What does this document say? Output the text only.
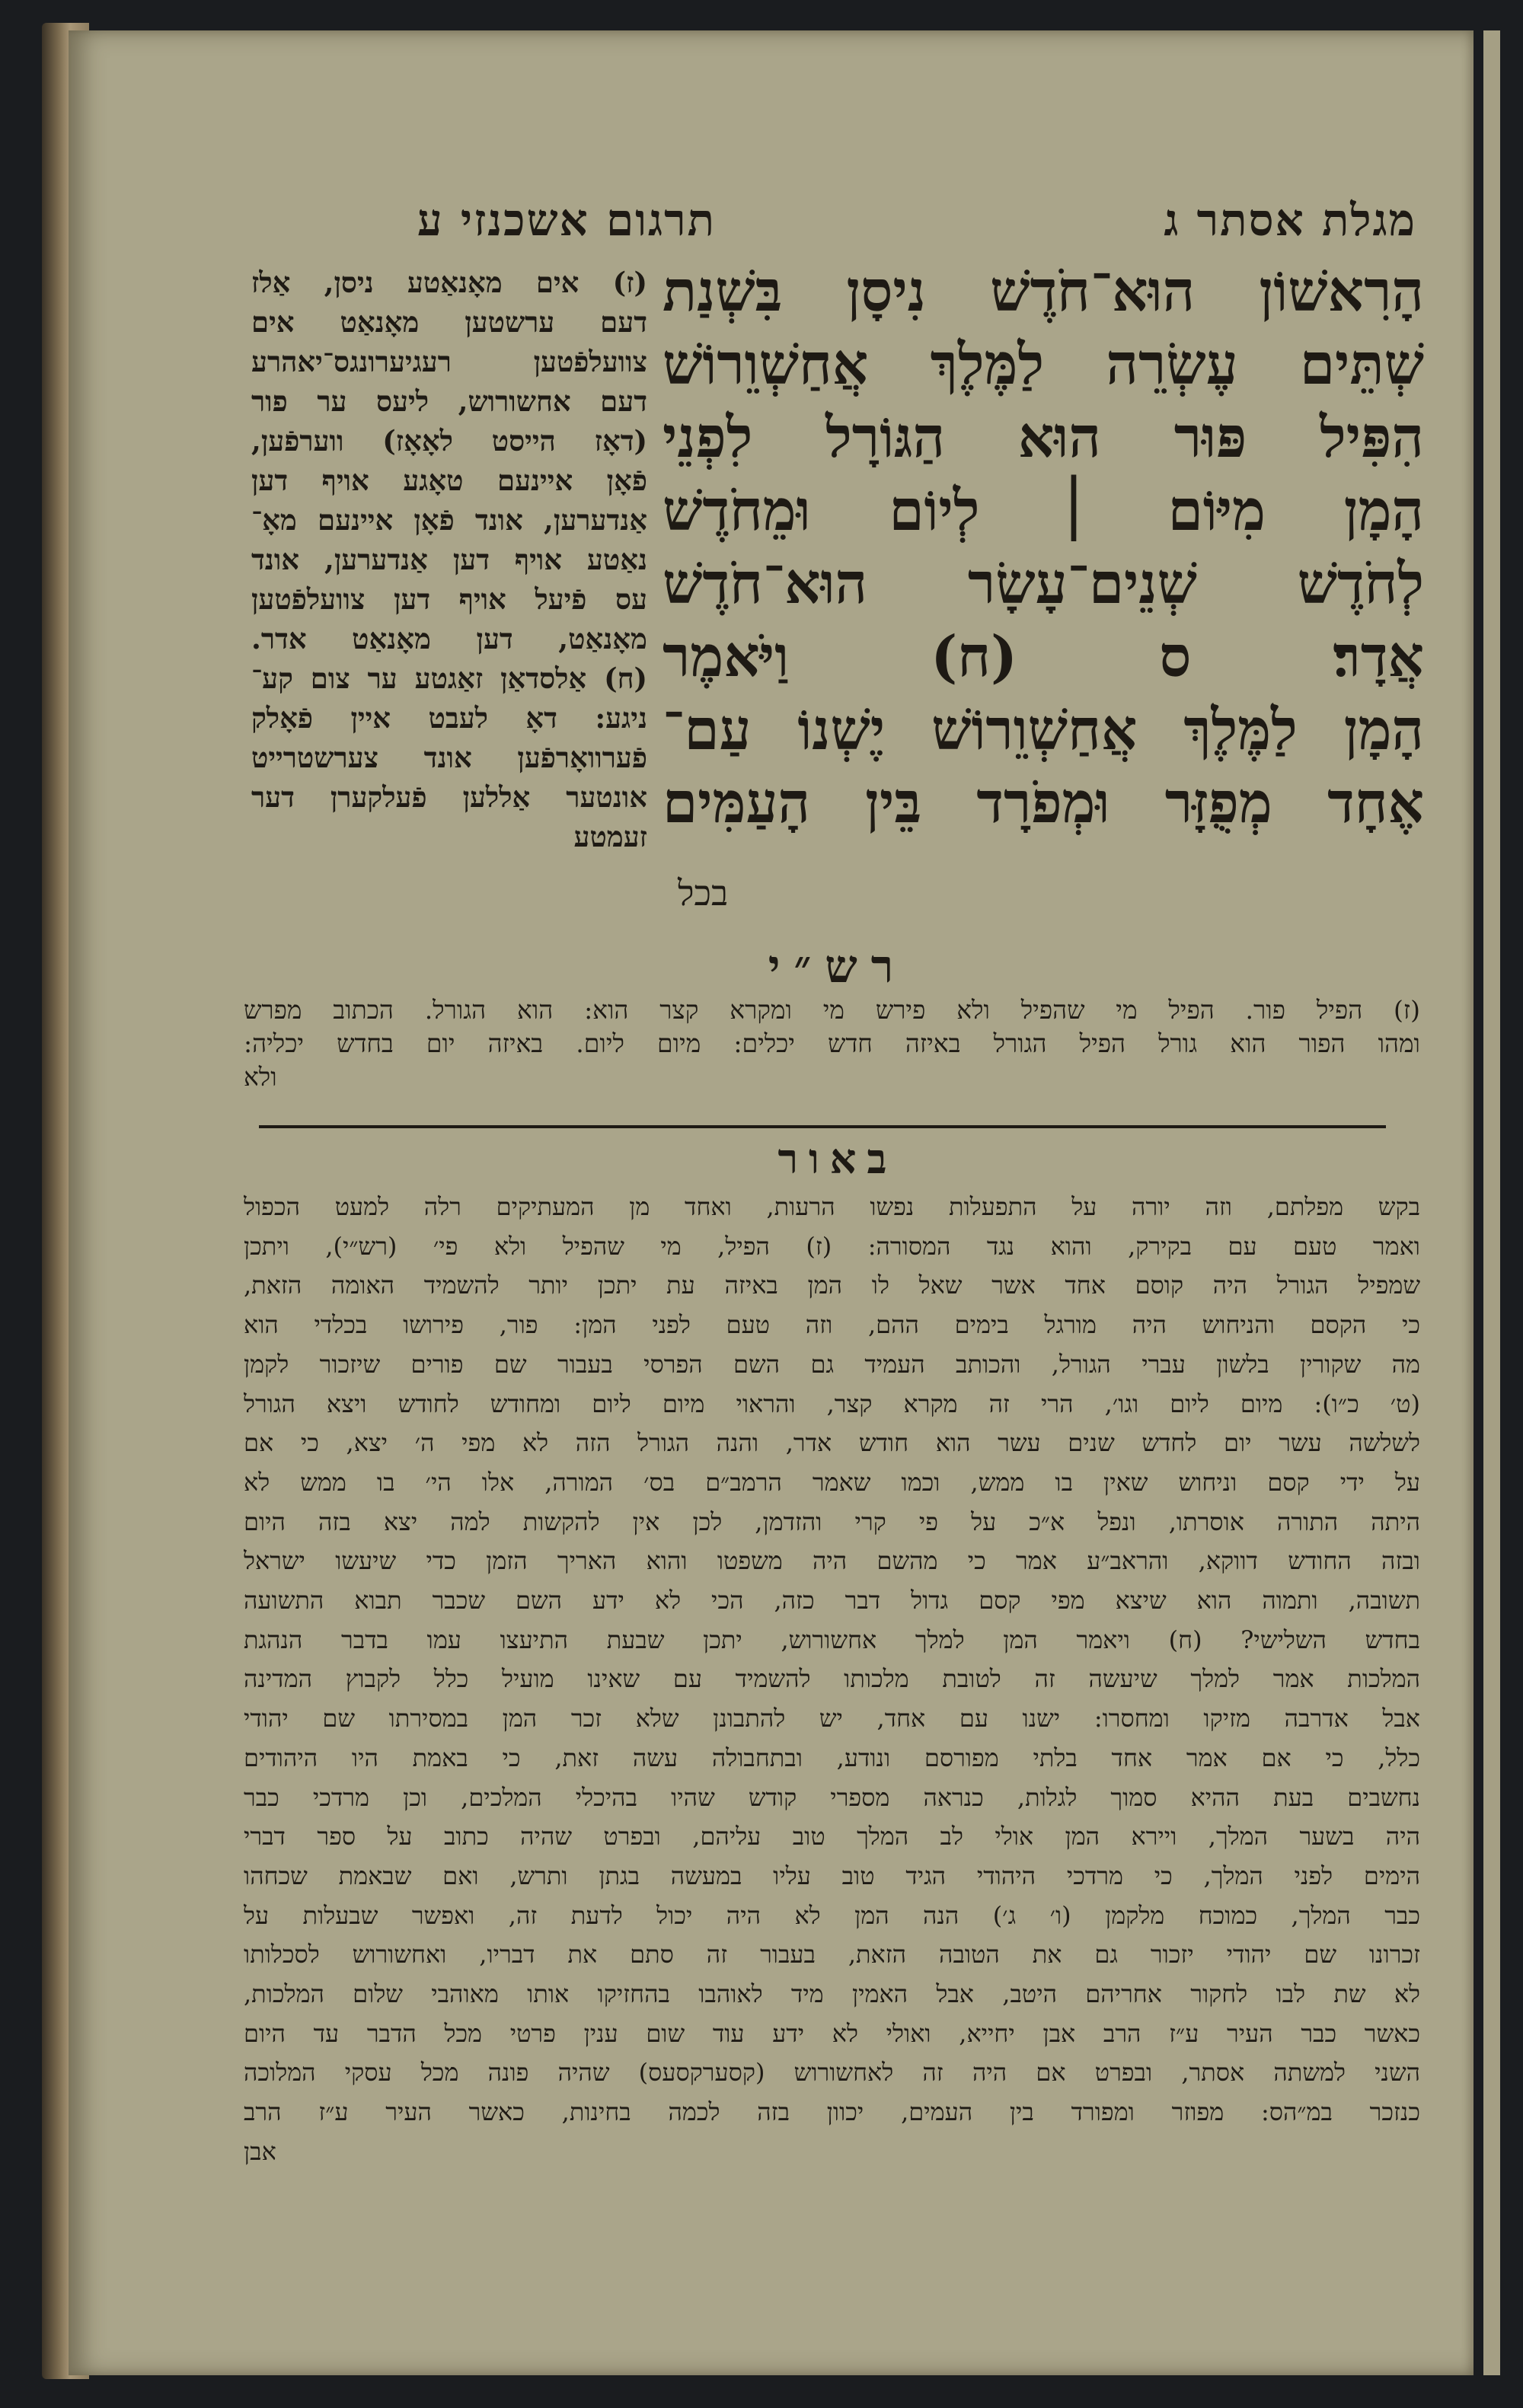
מגלת אסתר ג
תרגום אשכנזי ע
הָרִאשׁוֹן הוּא־חֹדֶשׁ נִיסָן בִּשְׁנַת
שְׁתֵּים עֶשְׂרֵה לַמֶּלֶךְ אֲחַשְׁוֵרוֹשׁ
הִפִּיל פּוּר הוּא הַגּוֹרָל לִפְנֵי
הָמָן מִיּוֹם ׀ לְיוֹם וּמֵחֹדֶשׁ
לְחֹדֶשׁ שְׁנֵים־עָשָׂר הוּא־חֹדֶשׁ
אֲדָר׃ ס (ח) וַיֹּאמֶר
הָמָן לַמֶּלֶךְ אֲחַשְׁוֵרוֹשׁ יֶשְׁנוֹ עַם־
אֶחָד מְפֻזָּר וּמְפֹרָד בֵּין הָעַמִּים
בכל
(ז) אים מאָנאַטע ניסן, אַלז
דעם ערשטען מאָנאַט אים
צוועלפֿטען רעגיערונגס־יאהרע
דעם אחשורוש, ליעס ער פור
(דאָז הייסט לאָאָז) ווערפֿען,
פֿאָן איינעם טאָגע אויף דען
אַנדערען, אונד פֿאָן איינעם מאָ־
נאַטע אויף דען אַנדערען, אונד
עס פֿיעל אויף דען צוועלפֿטען
מאָנאַט, דען מאָנאַט אדר.
(ח) אַלסדאַן זאַגטע ער צום קע־
ניגע: דאָ לעבט איין פֿאָלק
פֿערוואָרפֿען אונד צערשטרייט
אונטער אַללען פֿעלקערן דער
זעמטע
רש״י
(ז) הפיל פור. הפיל מי שהפיל ולא פירש מי ומקרא קצר הוא: הוא הגורל. הכתוב מפרש
ומהו הפור הוא גורל הפיל הגורל באיזה חדש יכלים: מיום ליום. באיזה יום בחדש יכליה:
ולא
באור
בקש מפלתם, וזה יורה על התפעלות נפשו הרעות, ואחד מן המעתיקים רלה למעט הכפול
ואמר טעם עם בקירק, והוא נגד המסורה: (ז) הפיל, מי שהפיל ולא פי׳ (רש״י), ויתכן
שמפיל הגורל היה קוסם אחד אשר שאל לו המן באיזה עת יתכן יותר להשמיד האומה הזאת,
כי הקסם והניחוש היה מורגל בימים ההם, וזה טעם לפני המן: פור, פירושו בכלדי הוא
מה שקורין בלשון עברי הגורל, והכותב העמיד גם השם הפרסי בעבור שם פורים שיזכור לקמן
(ט׳ כ״ו): מיום ליום וגו׳, הרי זה מקרא קצר, והראוי מיום ליום ומחודש לחודש ויצא הגורל
לשלשה עשר יום לחדש שנים עשר הוא חודש אדר, והנה הגורל הזה לא מפי ה׳ יצא, כי אם
על ידי קסם וניחוש שאין בו ממש, וכמו שאמר הרמב״ם בס׳ המורה, אלו הי׳ בו ממש לא
היתה התורה אוסרתו, ונפל א״כ על פי קרי והזדמן, לכן אין להקשות למה יצא בזה היום
ובזה החודש דווקא, והראב״ע אמר כי מהשם היה משפטו והוא האריך הזמן כדי שיעשו ישראל
תשובה, ותמוה הוא שיצא מפי קסם גדול דבר כזה, הכי לא ידע השם שכבר תבוא התשועה
בחדש השלישי? (ח) ויאמר המן למלך אחשורוש, יתכן שבעת התיעצו עמו בדבר הנהגת
המלכות אמר למלך שיעשה זה לטובת מלכותו להשמיד עם שאינו מועיל כלל לקבוץ המדינה
אבל אדרבה מזיקו ומחסרו: ישנו עם אחד, יש להתבונן שלא זכר המן במסירתו שם יהודי
כלל, כי אם אמר אחד בלתי מפורסם ונודע, ובתחבולה עשה זאת, כי באמת היו היהודים
נחשבים בעת ההיא סמוך לגלות, כנראה מספרי קודש שהיו בהיכלי המלכים, וכן מרדכי כבר
היה בשער המלך, ויירא המן אולי לב המלך טוב עליהם, ובפרט שהיה כתוב על ספר דברי
הימים לפני המלך, כי מרדכי היהודי הגיד טוב עליו במעשה בגתן ותרש, ואם שבאמת שכחהו
כבר המלך, כמוכח מלקמן (ו׳ ג׳) הנה המן לא היה יכול לדעת זה, ואפשר שבעלות על
זכרונו שם יהודי יזכור גם את הטובה הזאת, בעבור זה סתם את דבריו, ואחשורוש לסכלותו
לא שת לבו לחקור אחריהם היטב, אבל האמין מיד לאוהבו בהחזיקו אותו מאוהבי שלום המלכות,
כאשר כבר העיר ע״ז הרב אבן יחייא, ואולי לא ידע עוד שום ענין פרטי מכל הדבר עד היום
השני למשתה אסתר, ובפרט אם היה זה לאחשורוש (קסערקסעס) שהיה פונה מכל עסקי המלוכה
כנזכר במ״הס: מפוזר ומפורד בין העמים, יכוון בזה לכמה בחינות, כאשר העיר ע״ז הרב
אבן
